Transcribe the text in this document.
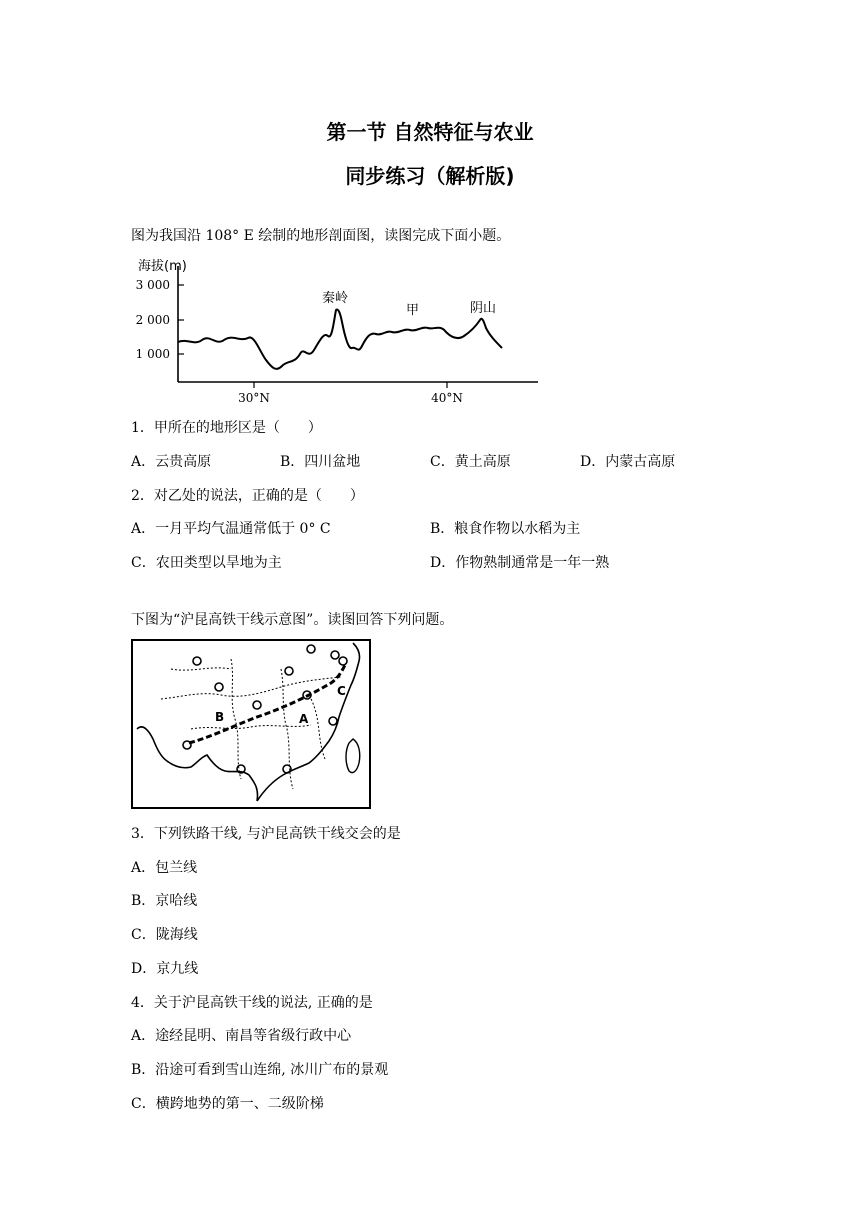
第一节 自然特征与农业
同步练习（解析版)
图为我国沿 108° E 绘制的地形剖面图，读图完成下面小题。
3 000
2 000
1 000
30°N	40°N
海拔(m)
秦岭
甲	阴山
1．甲所在的地形区是（　　）
A．云贵高原	B．四川盆地	C．黄土高原	D．内蒙古高原
2．对乙处的说法，正确的是（　　）
A．一月平均气温通常低于 0° C	B．粮食作物以水稻为主
C．农田类型以旱地为主	D．作物熟制通常是一年一熟
下图为“沪昆高铁干线示意图”。读图回答下列问题。
B	A
C
3．下列铁路干线, 与沪昆高铁干线交会的是
A．包兰线
B．京哈线
C．陇海线
D．京九线
4．关于沪昆高铁干线的说法, 正确的是
A．途经昆明、南昌等省级行政中心
B．沿途可看到雪山连绵, 冰川广布的景观
C．横跨地势的第一、二级阶梯
